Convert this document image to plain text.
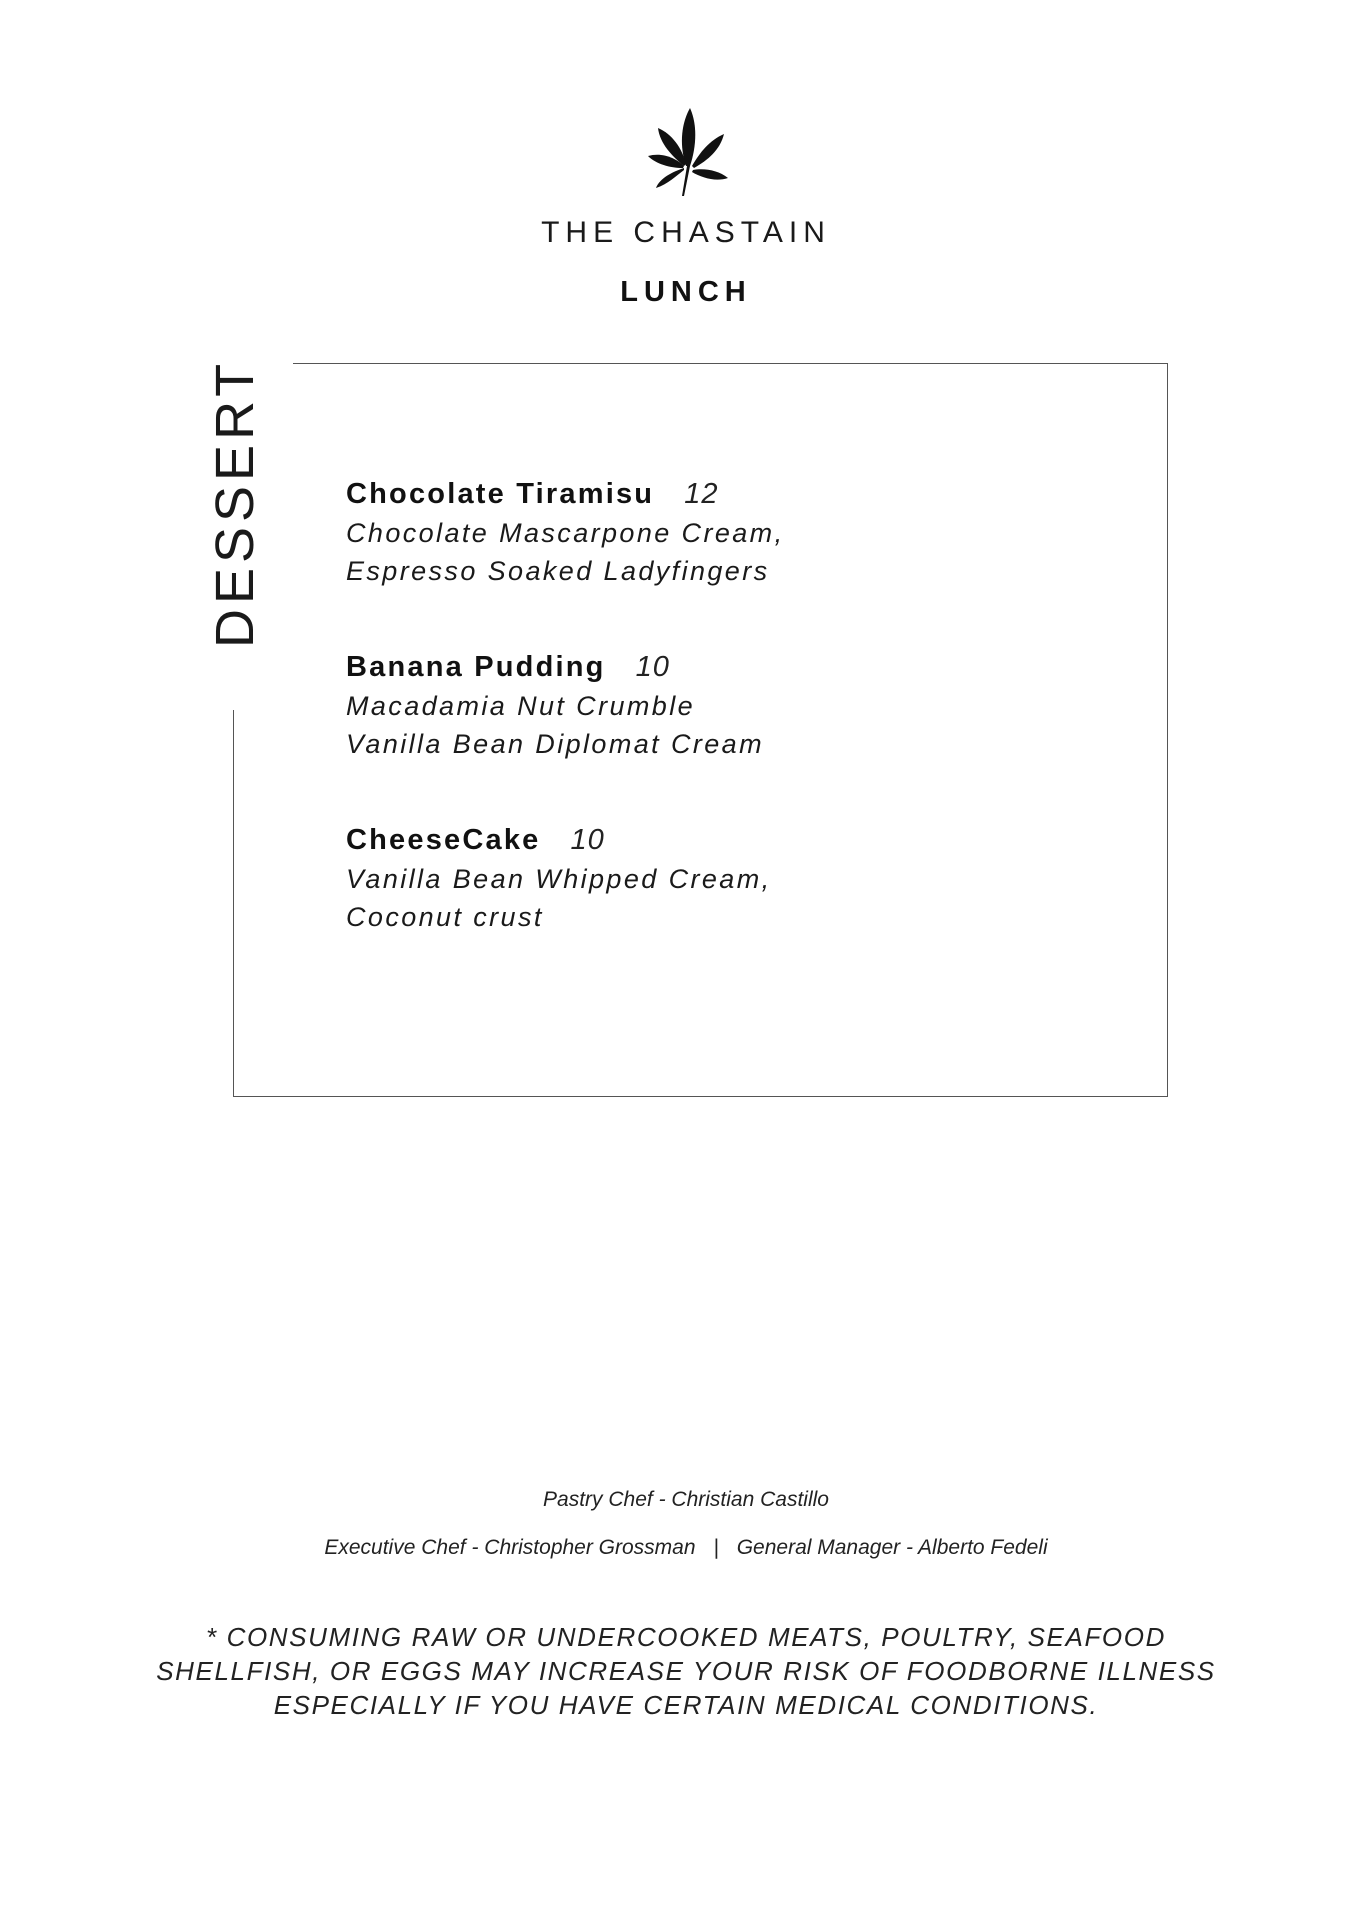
THE CHASTAIN
LUNCH
DESSERT	Chocolate Tiramisu 12
Chocolate Mascarpone Cream,
Espresso Soaked Ladyfingers
Banana Pudding 10
Macadamia Nut Crumble
Vanilla Bean Diplomat Cream
CheeseCake 10
Vanilla Bean Whipped Cream,
Coconut crust
Pastry Chef - Christian Castillo
Executive Chef - Christopher Grossman | General Manager - Alberto Fedeli
* CONSUMING RAW OR UNDERCOOKED MEATS, POULTRY, SEAFOOD
SHELLFISH, OR EGGS MAY INCREASE YOUR RISK OF FOODBORNE ILLNESS
ESPECIALLY IF YOU HAVE CERTAIN MEDICAL CONDITIONS.
